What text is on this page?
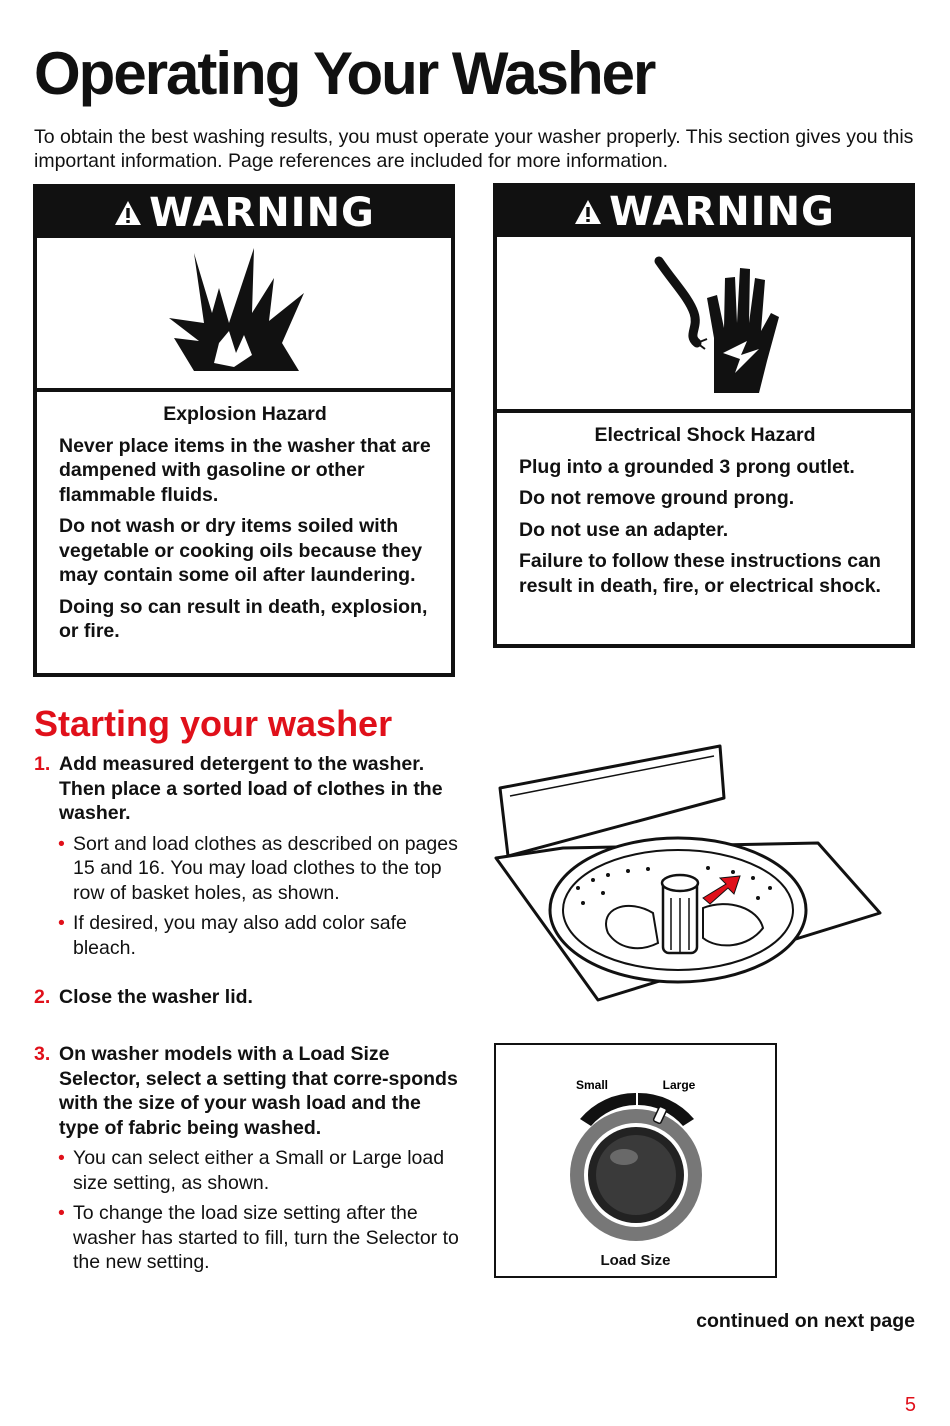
Operating Your Washer

To obtain the best washing results, you must operate your washer properly. This section gives you this important information. Page references are included for more information.

WARNING

Explosion Hazard

Never place items in the washer that are dampened with gasoline or other flammable fluids.

Do not wash or dry items soiled with vegetable or cooking oils because they may contain some oil after laundering.

Doing so can result in death, explosion, or fire.

WARNING

Electrical Shock Hazard

Plug into a grounded 3 prong outlet.

Do not remove ground prong.

Do not use an adapter.

Failure to follow these instructions can result in death, fire, or electrical shock.

Starting your washer
1. Add measured detergent to the washer. Then place a sorted load of clothes in the washer.
• Sort and load clothes as described on pages 15 and 16. You may load clothes to the top row of basket holes, as shown.
• If desired, you may also add color safe bleach.
2. Close the washer lid.
3. On washer models with a Load Size Selector, select a setting that corre-sponds with the size of your wash load and the type of fabric being washed.
• You can select either a Small or Large load size setting, as shown.
• To change the load size setting after the washer has started to fill, turn the Selector to the new setting.
Small	Large
Load Size
continued on next page
5
